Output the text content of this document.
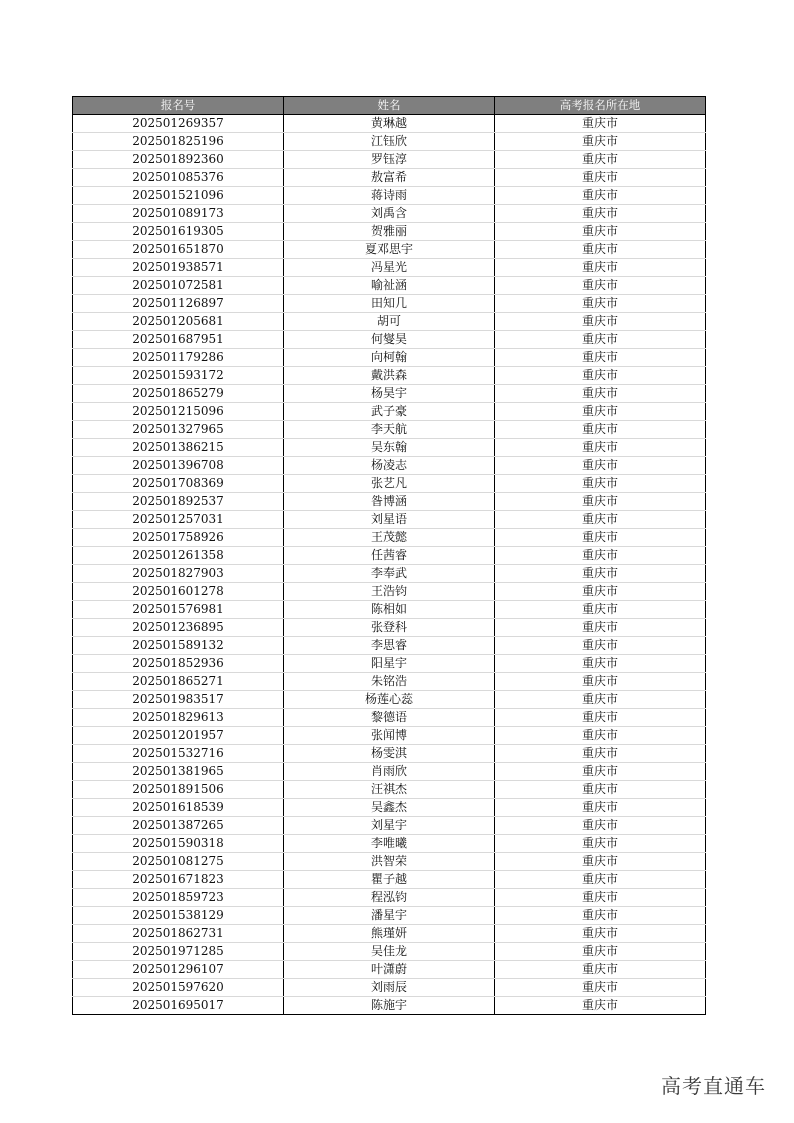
报名号	姓名	高考报名所在地
202501269357	黄琳越	重庆市
202501825196	江钰欣	重庆市
202501892360	罗钰淳	重庆市
202501085376	敖富希	重庆市
202501521096	蒋诗雨	重庆市
202501089173	刘禹含	重庆市
202501619305	贺雅丽	重庆市
202501651870	夏邓思宇	重庆市
202501938571	冯星光	重庆市
202501072581	喻祉涵	重庆市
202501126897	田知几	重庆市
202501205681	胡可	重庆市
202501687951	何燮昊	重庆市
202501179286	向柯翰	重庆市
202501593172	戴洪森	重庆市
202501865279	杨昊宇	重庆市
202501215096	武子豪	重庆市
202501327965	李天航	重庆市
202501386215	吴东翰	重庆市
202501396708	杨凌志	重庆市
202501708369	张艺凡	重庆市
202501892537	昝博涵	重庆市
202501257031	刘星语	重庆市
202501758926	王茂懿	重庆市
202501261358	任茜睿	重庆市
202501827903	李奉武	重庆市
202501601278	王浩钧	重庆市
202501576981	陈相如	重庆市
202501236895	张登科	重庆市
202501589132	李思睿	重庆市
202501852936	阳星宇	重庆市
202501865271	朱铭浩	重庆市
202501983517	杨莲心蕊	重庆市
202501829613	黎德语	重庆市
202501201957	张闻博	重庆市
202501532716	杨雯淇	重庆市
202501381965	肖雨欣	重庆市
202501891506	汪祺杰	重庆市
202501618539	吴鑫杰	重庆市
202501387265	刘星宇	重庆市
202501590318	李唯曦	重庆市
202501081275	洪智荣	重庆市
202501671823	瞿子越	重庆市
202501859723	程泓钧	重庆市
202501538129	潘星宇	重庆市
202501862731	熊瑾妍	重庆市
202501971285	吴佳龙	重庆市
202501296107	叶潇蔚	重庆市
202501597620	刘雨辰	重庆市
202501695017	陈施宇	重庆市
高考直通车
